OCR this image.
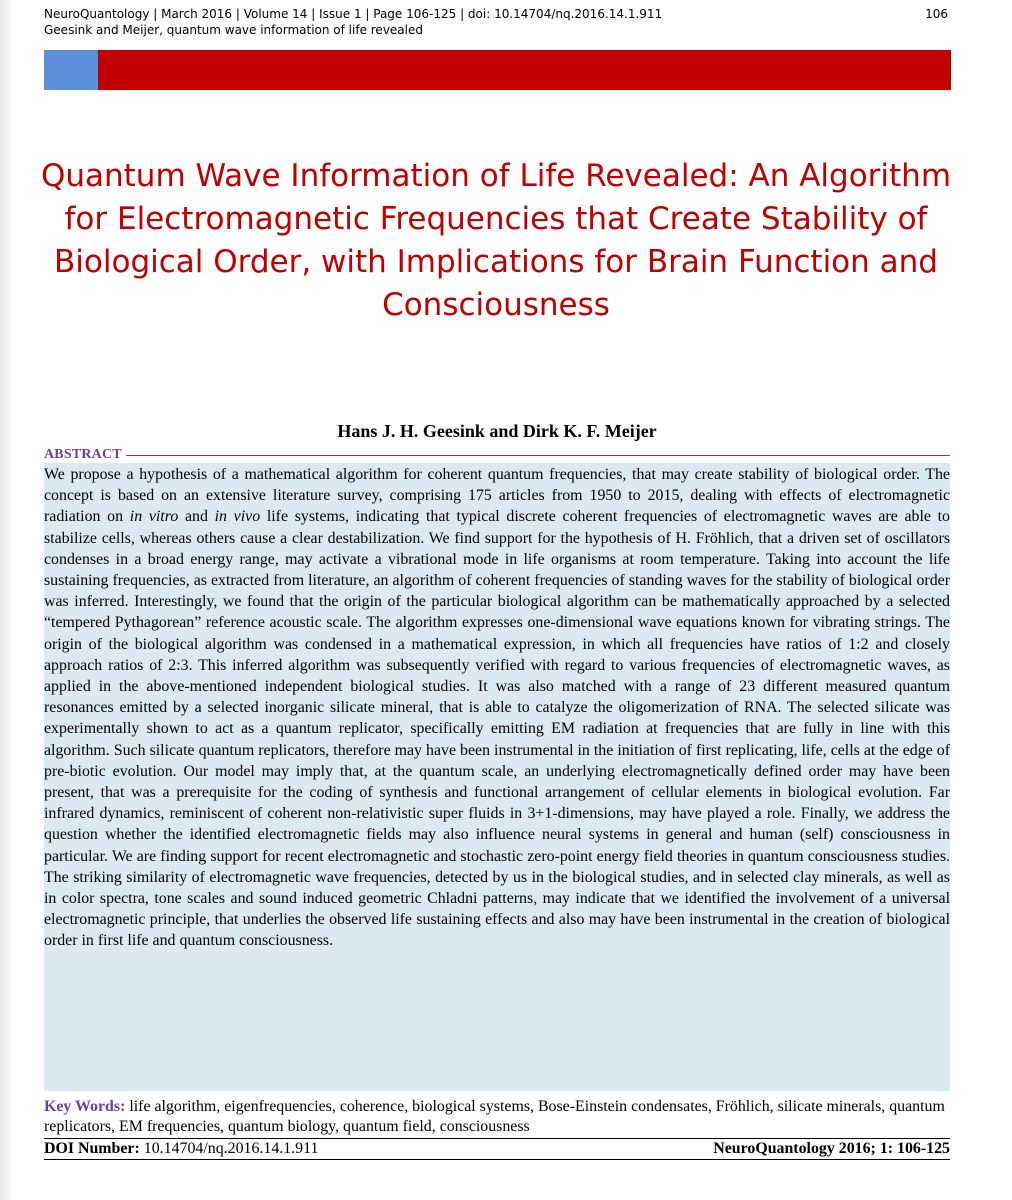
NeuroQuantology | March 2016 | Volume 14 | Issue 1 | Page 106-125 | doi: 10.14704/nq.2016.14.1.911	106
Geesink and Meijer, quantum wave information of life revealed
Quantum Wave Information of Life Revealed: An Algorithm for Electromagnetic Frequencies that Create Stability of Biological Order, with Implications for Brain Function and Consciousness
Hans J. H. Geesink and Dirk K. F. Meijer
ABSTRACT

We propose a hypothesis of a mathematical algorithm for coherent quantum frequencies, that may create stability of biological order. The concept is based on an extensive literature survey, comprising 175 articles from 1950 to 2015, dealing with effects of electromagnetic radiation on in vitro and in vivo life systems, indicating that typical discrete coherent frequencies of electromagnetic waves are able to stabilize cells, whereas others cause a clear destabilization. We find support for the hypothesis of H. Fröhlich, that a driven set of oscillators condenses in a broad energy range, may activate a vibrational mode in life organisms at room temperature. Taking into account the life sustaining frequencies, as extracted from literature, an algorithm of coherent frequencies of standing waves for the stability of biological order was inferred. Interestingly, we found that the origin of the particular biological algorithm can be mathematically approached by a selected “tempered Pythagorean” reference acoustic scale. The algorithm expresses one-dimensional wave equations known for vibrating strings. The origin of the biological algorithm was condensed in a mathematical expression, in which all frequencies have ratios of 1:2 and closely approach ratios of 2:3. This inferred algorithm was subsequently verified with regard to various frequencies of electromagnetic waves, as applied in the above-mentioned independent biological studies. It was also matched with a range of 23 different measured quantum resonances emitted by a selected inorganic silicate mineral, that is able to catalyze the oligomerization of RNA. The selected silicate was experimentally shown to act as a quantum replicator, specifically emitting EM radiation at frequencies that are fully in line with this algorithm. Such silicate quantum replicators, therefore may have been instrumental in the initiation of first replicating, life, cells at the edge of pre-biotic evolution. Our model may imply that, at the quantum scale, an underlying electromagnetically defined order may have been present, that was a prerequisite for the coding of synthesis and functional arrangement of cellular elements in biological evolution. Far infrared dynamics, reminiscent of coherent non-relativistic super fluids in 3+1-dimensions, may have played a role. Finally, we address the question whether the identified electromagnetic fields may also influence neural systems in general and human (self) consciousness in particular. We are finding support for recent electromagnetic and stochastic zero-point energy field theories in quantum consciousness studies. The striking similarity of electromagnetic wave frequencies, detected by us in the biological studies, and in selected clay minerals, as well as in color spectra, tone scales and sound induced geometric Chladni patterns, may indicate that we identified the involvement of a universal electromagnetic principle, that underlies the observed life sustaining effects and also may have been instrumental in the creation of biological order in first life and quantum consciousness.

Key Words: life algorithm, eigenfrequencies, coherence, biological systems, Bose-Einstein condensates, Fröhlich, silicate minerals, quantum replicators, EM frequencies, quantum biology, quantum field, consciousness

DOI Number: 10.14704/nq.2016.14.1.911	NeuroQuantology 2016; 1: 106-125
